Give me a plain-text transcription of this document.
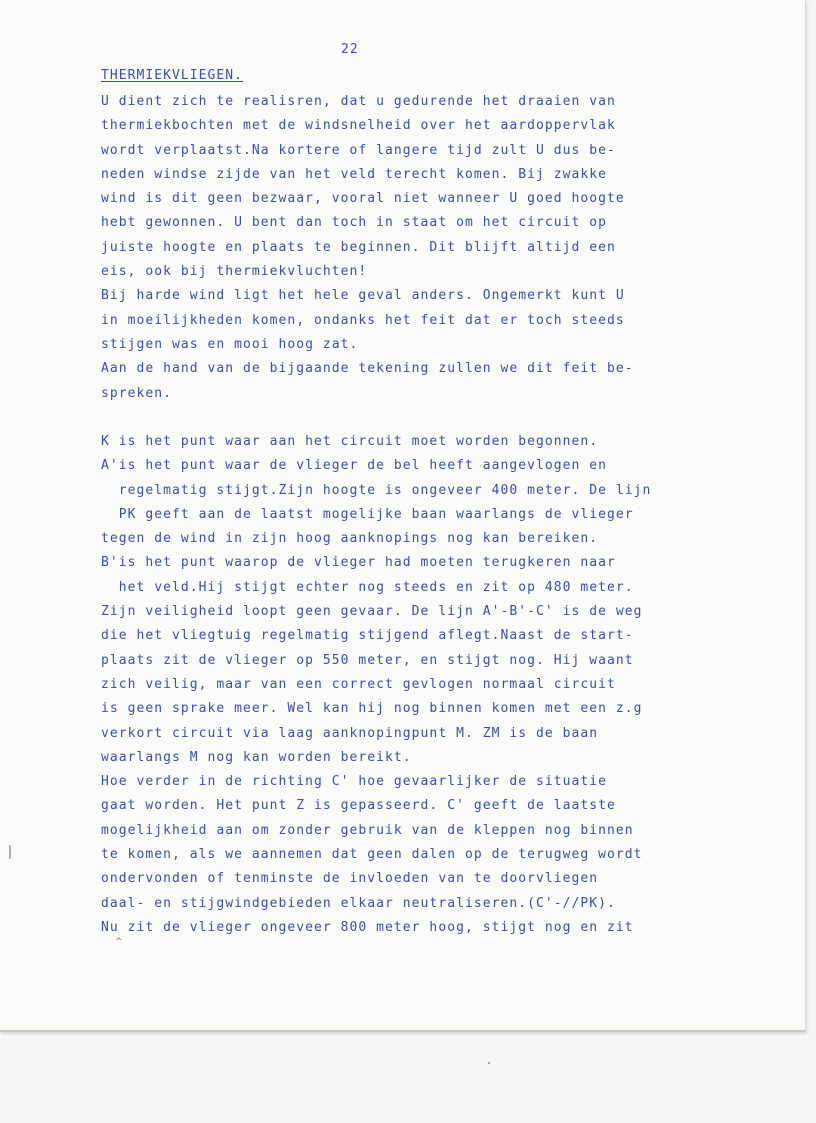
22
THERMIEKVLIEGEN.
U dient zich te realisren, dat u gedurende het draaien van
thermiekbochten met de windsnelheid over het aardoppervlak
wordt verplaatst.Na kortere of langere tijd zult U dus be-
neden windse zijde van het veld terecht komen. Bij zwakke
wind is dit geen bezwaar, vooral niet wanneer U goed hoogte
hebt gewonnen. U bent dan toch in staat om het circuit op
juiste hoogte en plaats te beginnen. Dit blijft altijd een
eis, ook bij thermiekvluchten!
Bij harde wind ligt het hele geval anders. Ongemerkt kunt U
in moeilijkheden komen, ondanks het feit dat er toch steeds
stijgen was en mooi hoog zat.
Aan de hand van de bijgaande tekening zullen we dit feit be-
spreken.
K is het punt waar aan het circuit moet worden begonnen.
A'is het punt waar de vlieger de bel heeft aangevlogen en
regelmatig stijgt.Zijn hoogte is ongeveer 400 meter. De lijn
PK geeft aan de laatst mogelijke baan waarlangs de vlieger
tegen de wind in zijn hoog aanknopings nog kan bereiken.
B'is het punt waarop de vlieger had moeten terugkeren naar
het veld.Hij stijgt echter nog steeds en zit op 480 meter.
Zijn veiligheid loopt geen gevaar. De lijn A'-B'-C' is de weg
die het vliegtuig regelmatig stijgend aflegt.Naast de start-
plaats zit de vlieger op 550 meter, en stijgt nog. Hij waant
zich veilig, maar van een correct gevlogen normaal circuit
is geen sprake meer. Wel kan hij nog binnen komen met een z.g
verkort circuit via laag aanknopingpunt M. ZM is de baan
waarlangs M nog kan worden bereikt.
Hoe verder in de richting C' hoe gevaarlijker de situatie
gaat worden. Het punt Z is gepasseerd. C' geeft de laatste
mogelijkheid aan om zonder gebruik van de kleppen nog binnen
te komen, als we aannemen dat geen dalen op de terugweg wordt
ondervonden of tenminste de invloeden van te doorvliegen
daal- en stijgwindgebieden elkaar neutraliseren.(C'-//PK).
Nu zit de vlieger ongeveer 800 meter hoog, stijgt nog en zit
^
